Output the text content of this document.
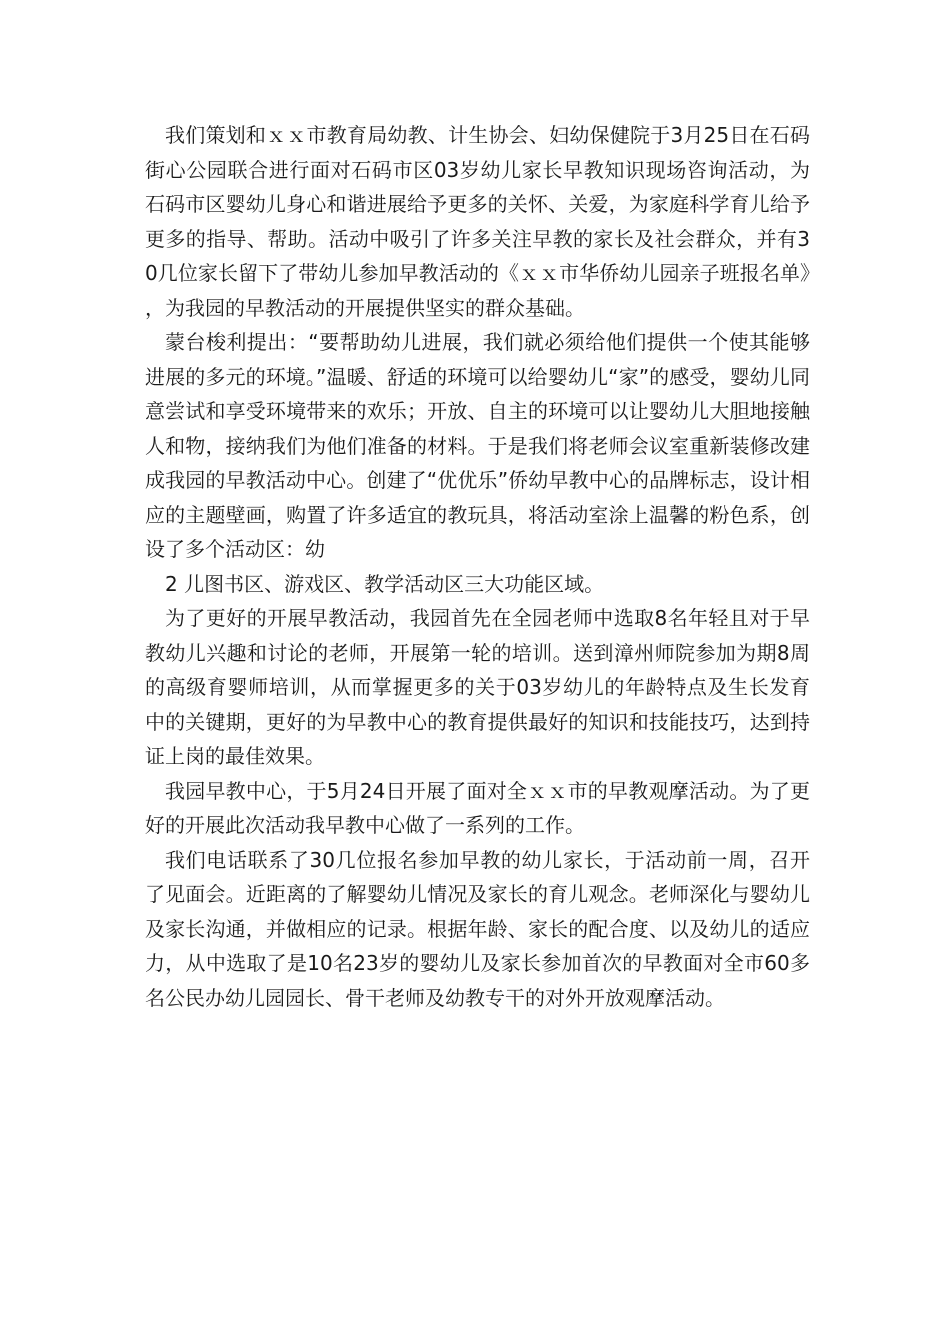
我们策划和ｘｘ市教育局幼教、计生协会、妇幼保健院于3月25日在石码街心公园联合进行面对石码市区03岁幼儿家长早教知识现场咨询活动，为石码市区婴幼儿身心和谐进展给予更多的关怀、关爱，为家庭科学育儿给予更多的指导、帮助。活动中吸引了许多关注早教的家长及社会群众，并有30几位家长留下了带幼儿参加早教活动的《ｘｘ市华侨幼儿园亲子班报名单》，为我园的早教活动的开展提供坚实的群众基础。

蒙台梭利提出：“要帮助幼儿进展，我们就必须给他们提供一个使其能够进展的多元的环境。”温暖、舒适的环境可以给婴幼儿“家”的感受，婴幼儿同意尝试和享受环境带来的欢乐；开放、自主的环境可以让婴幼儿大胆地接触人和物，接纳我们为他们准备的材料。于是我们将老师会议室重新装修改建成我园的早教活动中心。创建了“优优乐”侨幼早教中心的品牌标志，设计相应的主题壁画，购置了许多适宜的教玩具，将活动室涂上温馨的粉色系，创设了多个活动区：幼

2 儿图书区、游戏区、教学活动区三大功能区域。

为了更好的开展早教活动，我园首先在全园老师中选取8名年轻且对于早教幼儿兴趣和讨论的老师，开展第一轮的培训。送到漳州师院参加为期8周的高级育婴师培训，从而掌握更多的关于03岁幼儿的年龄特点及生长发育中的关键期，更好的为早教中心的教育提供最好的知识和技能技巧，达到持证上岗的最佳效果。

我园早教中心，于5月24日开展了面对全ｘｘ市的早教观摩活动。为了更好的开展此次活动我早教中心做了一系列的工作。

我们电话联系了30几位报名参加早教的幼儿家长，于活动前一周，召开了见面会。近距离的了解婴幼儿情况及家长的育儿观念。老师深化与婴幼儿及家长沟通，并做相应的记录。根据年龄、家长的配合度、以及幼儿的适应力，从中选取了是10名23岁的婴幼儿及家长参加首次的早教面对全市60多名公民办幼儿园园长、骨干老师及幼教专干的对外开放观摩活动。
